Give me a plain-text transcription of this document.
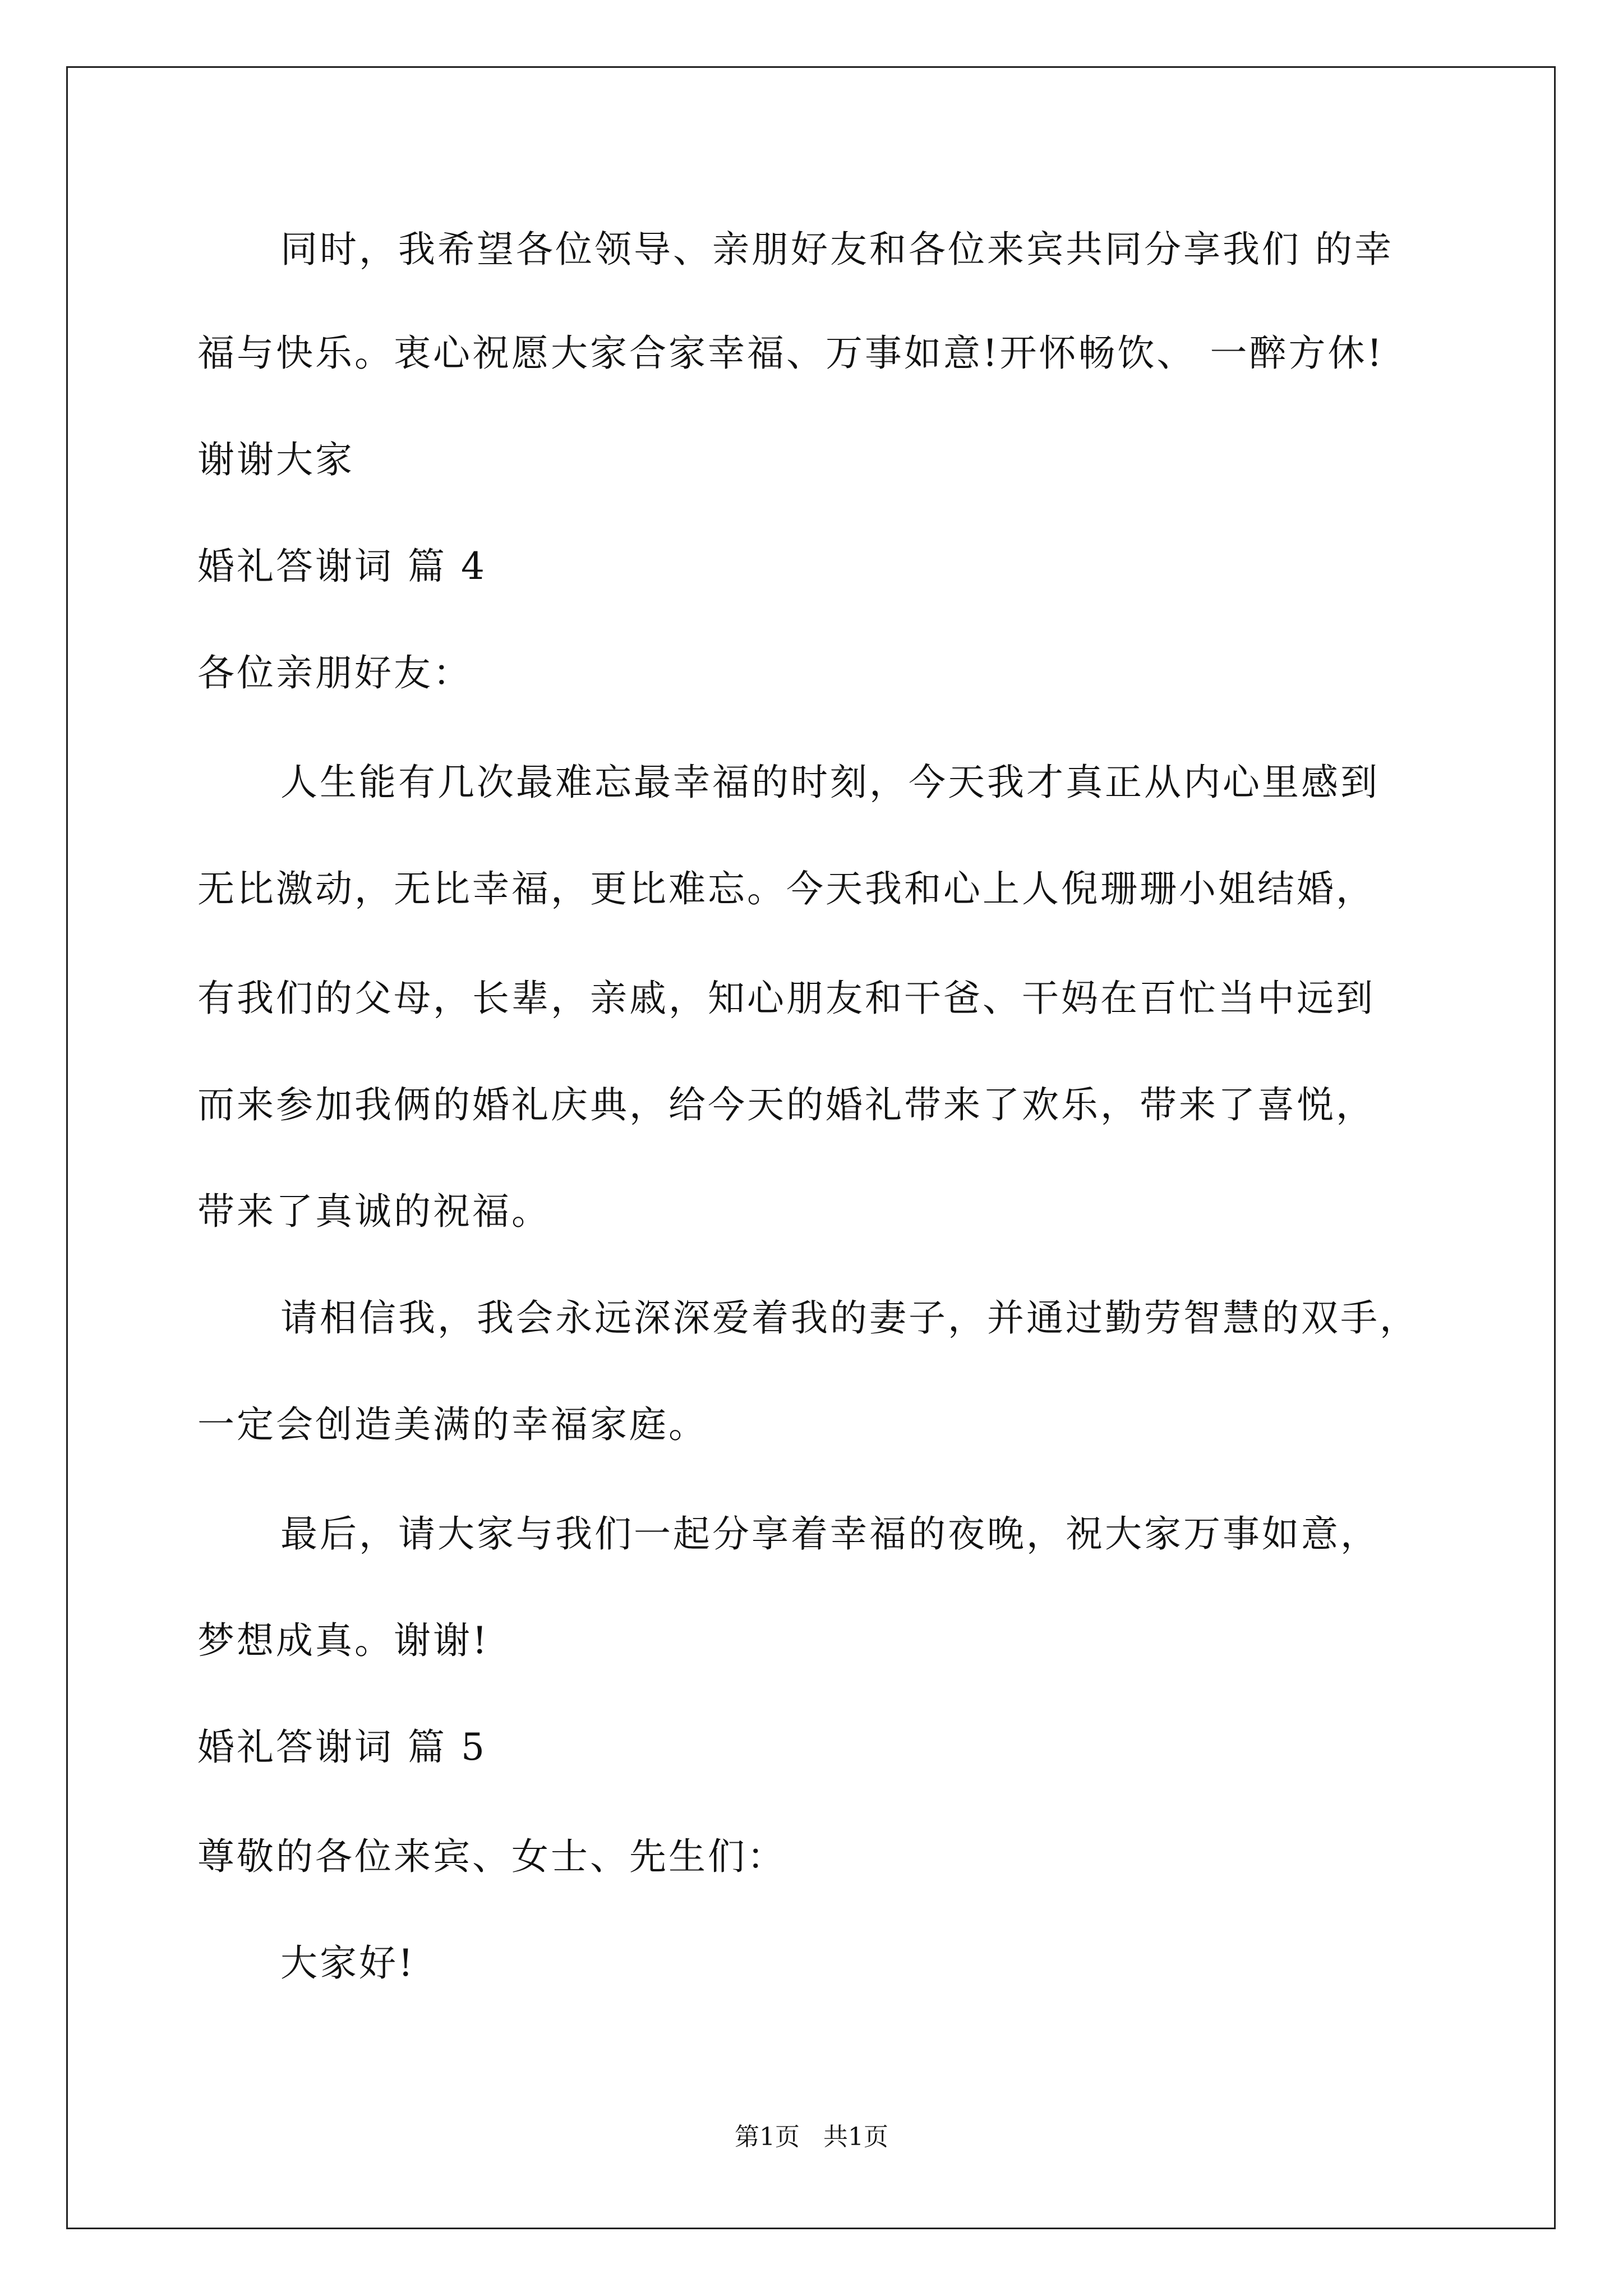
同时，我希望各位领导、亲朋好友和各位来宾共同分享我们 的幸
福与快乐。衷心祝愿大家合家幸福、万事如意!开怀畅饮、 一醉方休!
谢谢大家
婚礼答谢词 篇 4
各位亲朋好友：
人生能有几次最难忘最幸福的时刻，今天我才真正从内心里感到
无比激动，无比幸福，更比难忘。今天我和心上人倪珊珊小姐结婚，
有我们的父母，长辈，亲戚，知心朋友和干爸、干妈在百忙当中远到
而来参加我俩的婚礼庆典，给今天的婚礼带来了欢乐，带来了喜悦，
带来了真诚的祝福。
请相信我，我会永远深深爱着我的妻子，并通过勤劳智慧的双手，
一定会创造美满的幸福家庭。
最后，请大家与我们一起分享着幸福的夜晚，祝大家万事如意，
梦想成真。谢谢!
婚礼答谢词 篇 5
尊敬的各位来宾、女士、先生们：
大家好!
第1页   共1页
